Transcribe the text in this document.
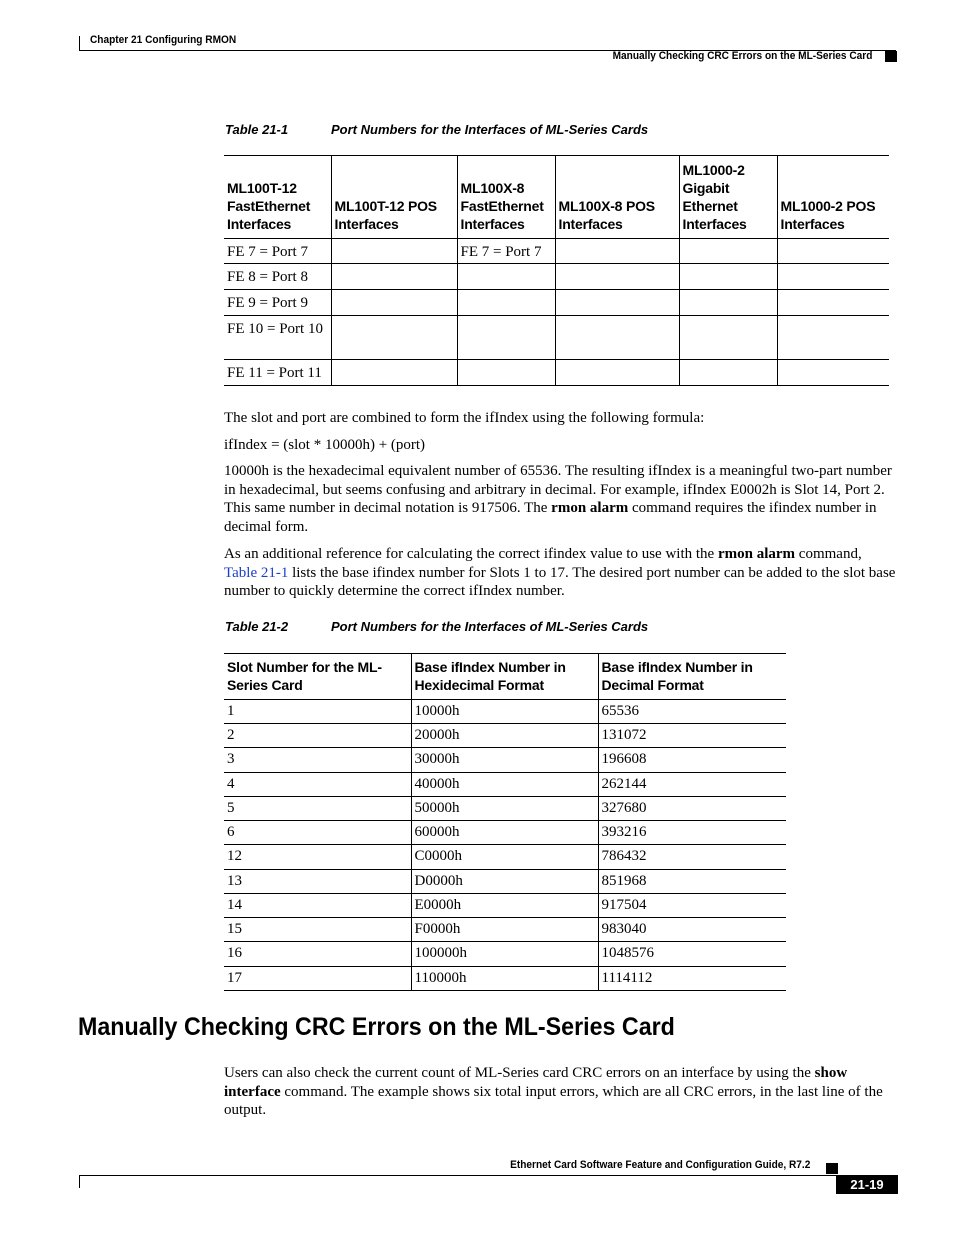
Chapter 21 Configuring RMON
Manually Checking CRC Errors on the ML-Series Card
Table 21-1	Port Numbers for the Interfaces of ML-Series Cards
ML100T-12 FastEthernet Interfaces	ML100T-12 POS Interfaces	ML100X-8 FastEthernet Interfaces	ML100X-8 POS Interfaces	ML1000-2 Gigabit Ethernet Interfaces	ML1000-2 POS Interfaces
FE 7 = Port 7		FE 7 = Port 7			
FE 8 = Port 8					
FE 9 = Port 9					
FE 10 = Port 10					
FE 11 = Port 11					

The slot and port are combined to form the ifIndex using the following formula:

ifIndex = (slot * 10000h) + (port)

10000h is the hexadecimal equivalent number of 65536. The resulting ifIndex is a meaningful two-part number in hexadecimal, but seems confusing and arbitrary in decimal. For example, ifIndex E0002h is Slot 14, Port 2. This same number in decimal notation is 917506. The rmon alarm command requires the ifindex number in decimal form.

As an additional reference for calculating the correct ifindex value to use with the rmon alarm command, Table 21-1 lists the base ifindex number for Slots 1 to 17. The desired port number can be added to the slot base number to quickly determine the correct ifIndex number.

Table 21-2	Port Numbers for the Interfaces of ML-Series Cards
Slot Number for the ML-Series Card	Base ifIndex Number in Hexidecimal Format	Base ifIndex Number in Decimal Format
1	10000h	65536
2	20000h	131072
3	30000h	196608
4	40000h	262144
5	50000h	327680
6	60000h	393216
12	C0000h	786432
13	D0000h	851968
14	E0000h	917504
15	F0000h	983040
16	100000h	1048576
17	110000h	1114112
Manually Checking CRC Errors on the ML-Series Card

Users can also check the current count of ML-Series card CRC errors on an interface by using the show interface command. The example shows six total input errors, which are all CRC errors, in the last line of the output.

Ethernet Card Software Feature and Configuration Guide, R7.2
21-19
